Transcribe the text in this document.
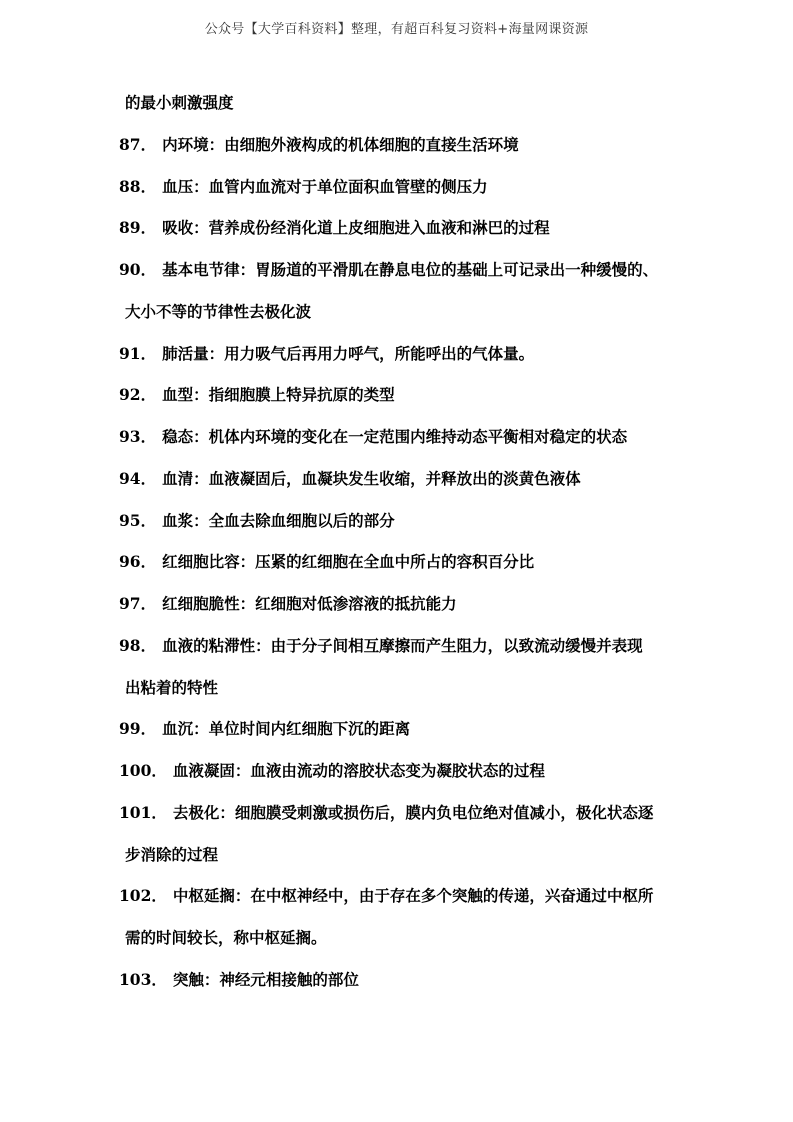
公众号【大学百科资料】整理，有超百科复习资料+海量网课资源
的最小刺激强度
87． 内环境：由细胞外液构成的机体细胞的直接生活环境
88． 血压：血管内血流对于单位面积血管壁的侧压力
89． 吸收：营养成份经消化道上皮细胞进入血液和淋巴的过程
90． 基本电节律：胃肠道的平滑肌在静息电位的基础上可记录出一种缓慢的、
大小不等的节律性去极化波
91． 肺活量：用力吸气后再用力呼气，所能呼出的气体量。
92． 血型：指细胞膜上特异抗原的类型
93． 稳态：机体内环境的变化在一定范围内维持动态平衡相对稳定的状态
94． 血清：血液凝固后，血凝块发生收缩，并释放出的淡黄色液体
95． 血浆：全血去除血细胞以后的部分
96． 红细胞比容：压紧的红细胞在全血中所占的容积百分比
97． 红细胞脆性：红细胞对低渗溶液的抵抗能力
98． 血液的粘滞性：由于分子间相互摩擦而产生阻力，以致流动缓慢并表现
出粘着的特性
99． 血沉：单位时间内红细胞下沉的距离
100． 血液凝固：血液由流动的溶胶状态变为凝胶状态的过程
101． 去极化：细胞膜受刺激或损伤后，膜内负电位绝对值减小，极化状态逐
步消除的过程
102． 中枢延搁：在中枢神经中，由于存在多个突触的传递，兴奋通过中枢所
需的时间较长，称中枢延搁。
103． 突触：神经元相接触的部位
